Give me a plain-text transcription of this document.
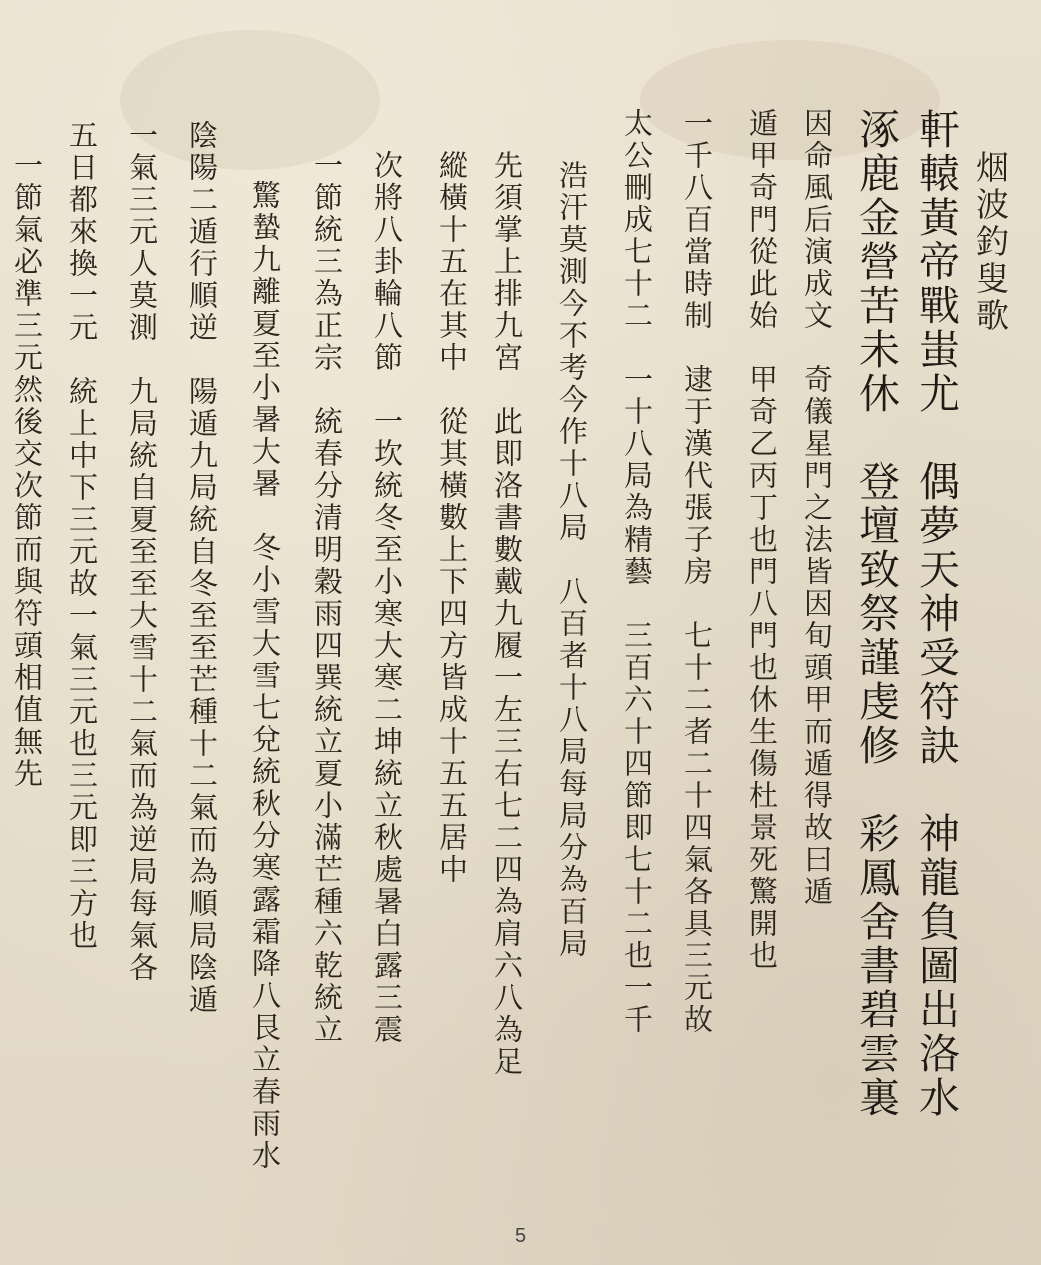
烟波釣叟歌
軒轅黃帝戰蚩尤　偶夢天神受符訣　神龍負圖出洛水
涿鹿金營苦未休　登壇致祭謹虔修　彩鳳舍書碧雲裏
因命風后演成文　奇儀星門之法皆因旬頭甲而遁得故曰遁
遁甲奇門從此始　甲奇乙丙丁也門八門也休生傷杜景死驚開也
一千八百當時制　逮于漢代張子房　七十二者二十四氣各具三元故
太公刪成七十二　一十八局為精藝　三百六十四節即七十二也一千
浩汗莫測今不考今作十八局　八百者十八局每局分為百局
先須掌上排九宮　此即洛書數戴九履一左三右七二四為肩六八為足
縱橫十五在其中　從其橫數上下四方皆成十五五居中
次將八卦輪八節　一坎統冬至小寒大寒二坤統立秋處暑白露三震
一節統三為正宗　統春分清明穀雨四巽統立夏小滿芒種六乾統立
驚蟄九離夏至小暑大暑　冬小雪大雪七兌統秋分寒露霜降八艮立春雨水
陰陽二遁行順逆　陽遁九局統自冬至至芒種十二氣而為順局陰遁
一氣三元人莫測　九局統自夏至至大雪十二氣而為逆局每氣各
五日都來換一元　統上中下三元故一氣三元也三元即三方也
一節氣必準三元然後交次節而與符頭相值無先
5
